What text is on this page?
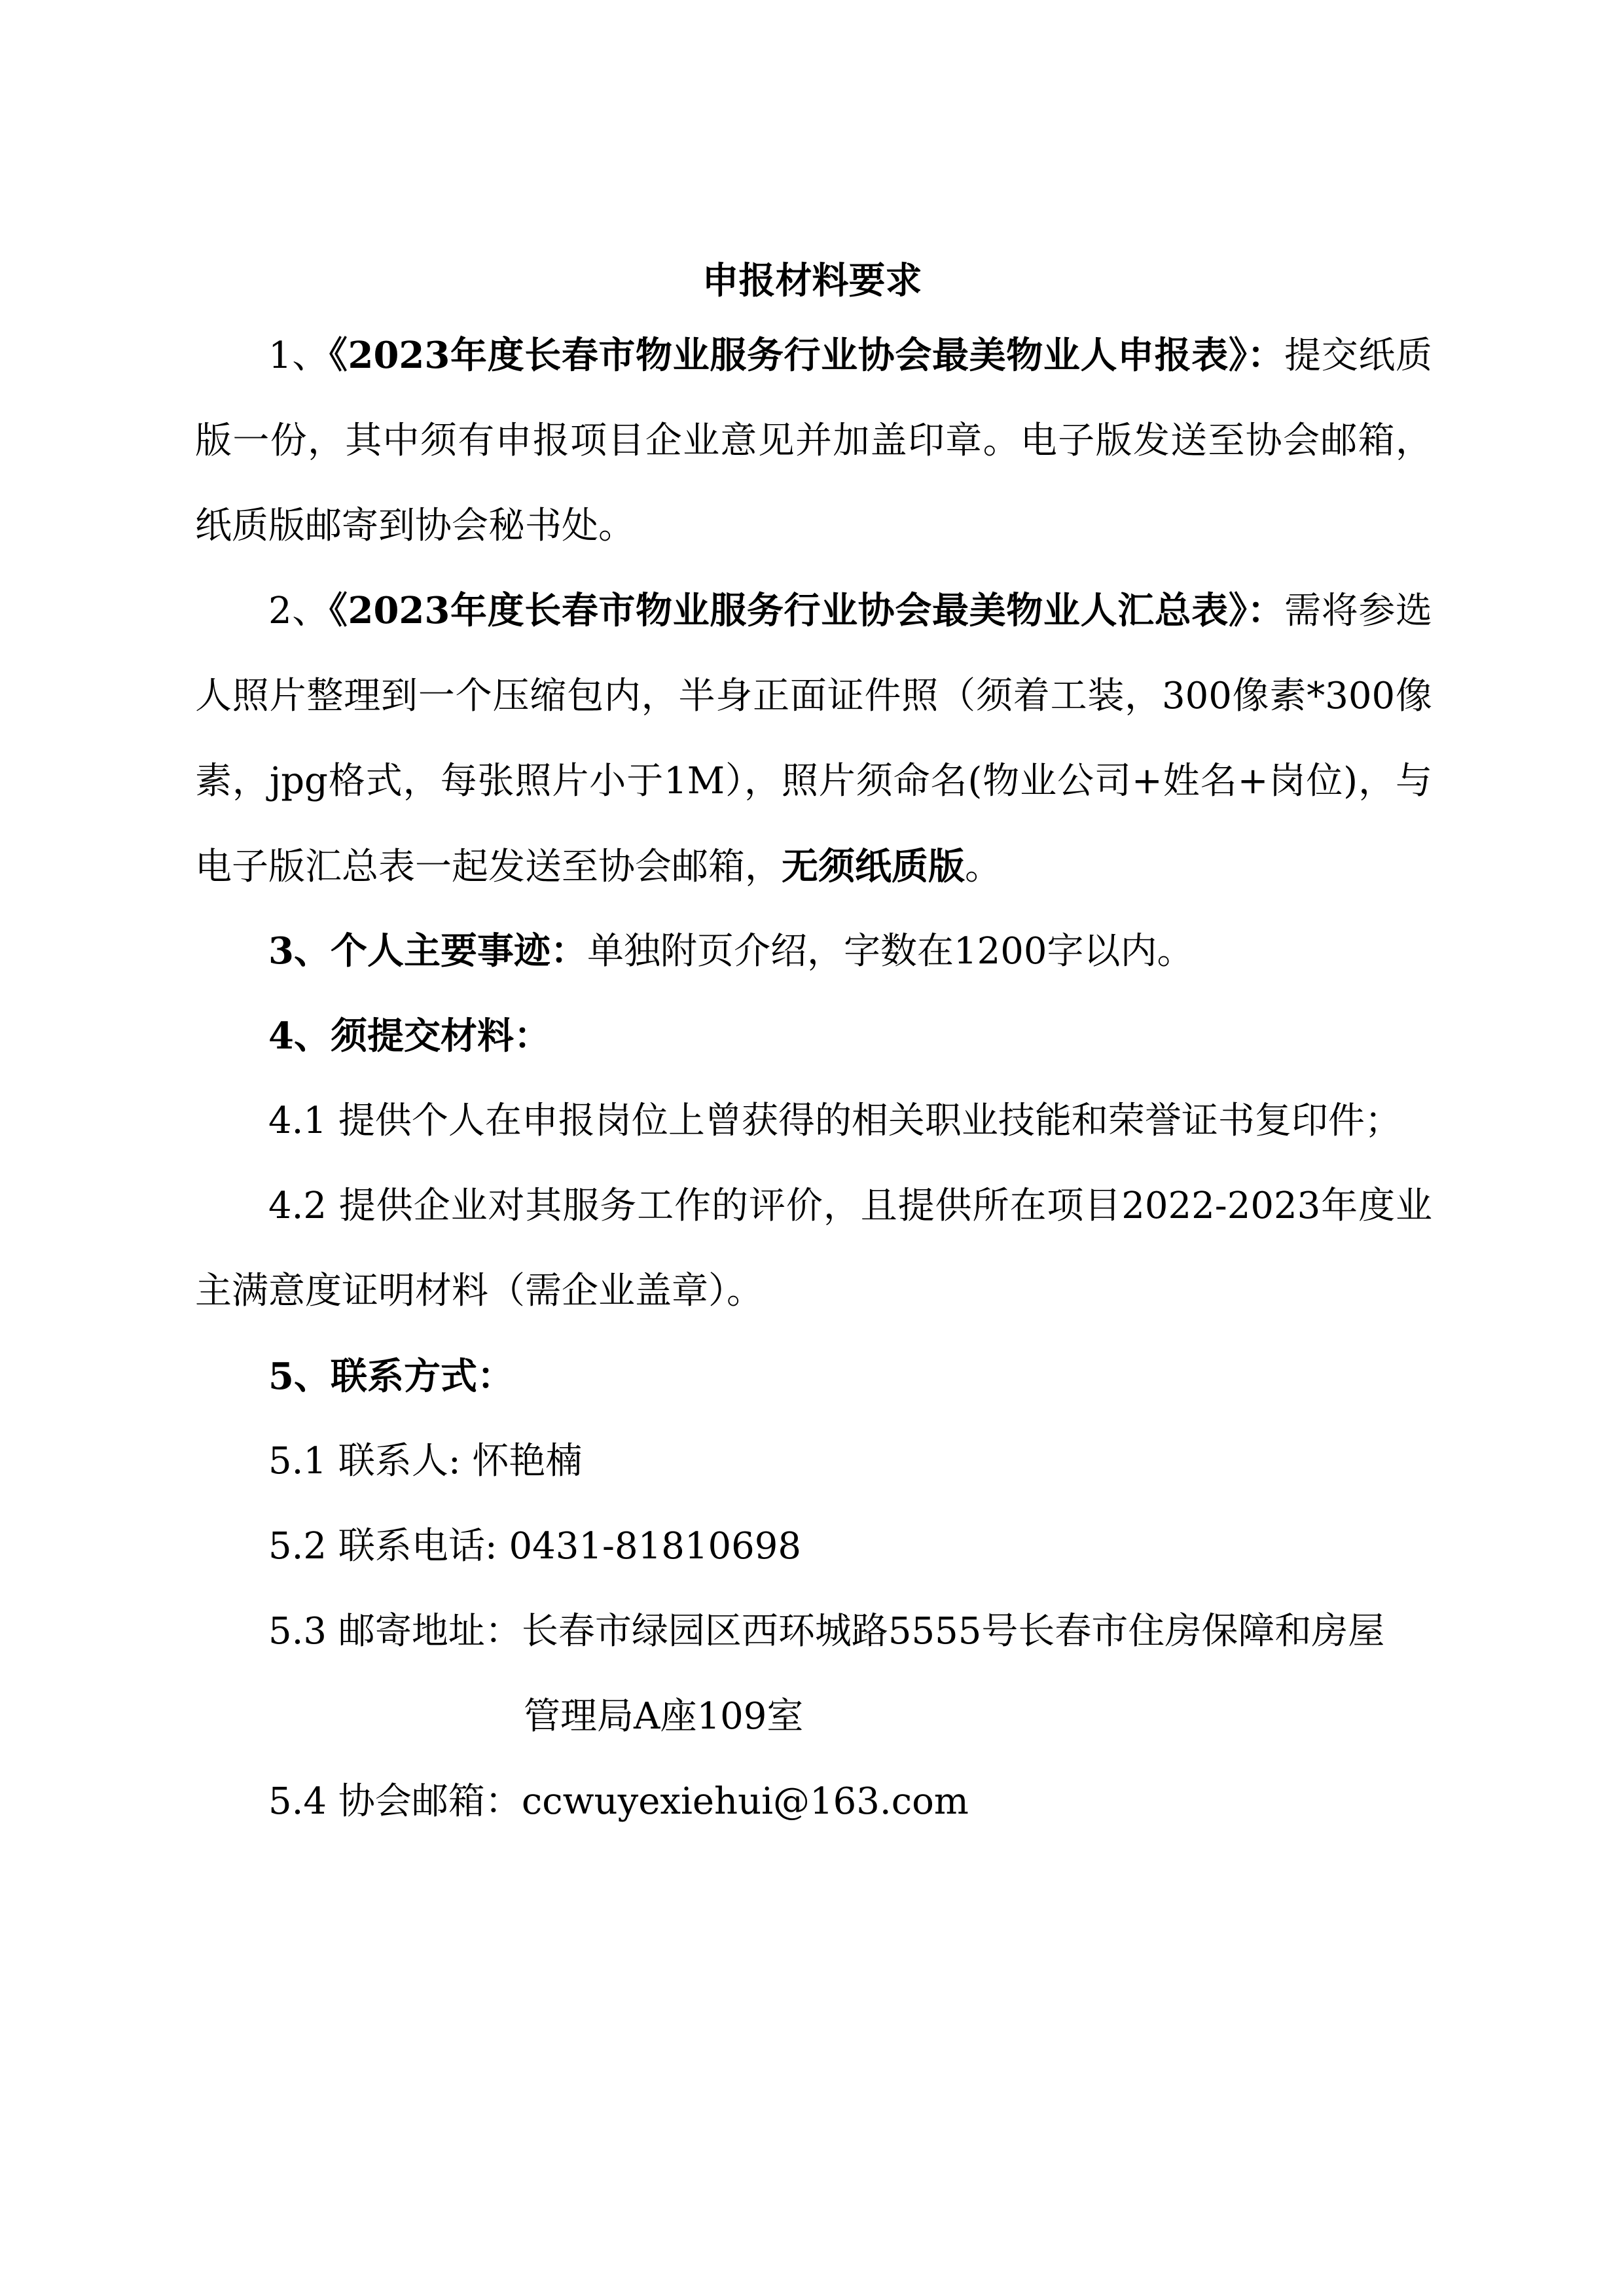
申报材料要求

1、《2023年度长春市物业服务行业协会最美物业人申报表》：提交纸质版一份，其中须有申报项目企业意见并加盖印章。电子版发送至协会邮箱，纸质版邮寄到协会秘书处。

2、《2023年度长春市物业服务行业协会最美物业人汇总表》：需将参选人照片整理到一个压缩包内，半身正面证件照（须着工装，300像素*300像素，jpg格式，每张照片小于1M），照片须命名(物业公司+姓名+岗位)，与电子版汇总表一起发送至协会邮箱，无须纸质版。

3、个人主要事迹：单独附页介绍，字数在1200字以内。

4、须提交材料：

4.1 提供个人在申报岗位上曾获得的相关职业技能和荣誉证书复印件；

4.2 提供企业对其服务工作的评价，且提供所在项目2022-2023年度业主满意度证明材料（需企业盖章）。

5、联系方式：

5.1 联系人: 怀艳楠

5.2 联系电话: 0431-81810698

5.3 邮寄地址：长春市绿园区西环城路5555号长春市住房保障和房屋

管理局A座109室

5.4 协会邮箱：ccwuyexiehui@163.com
